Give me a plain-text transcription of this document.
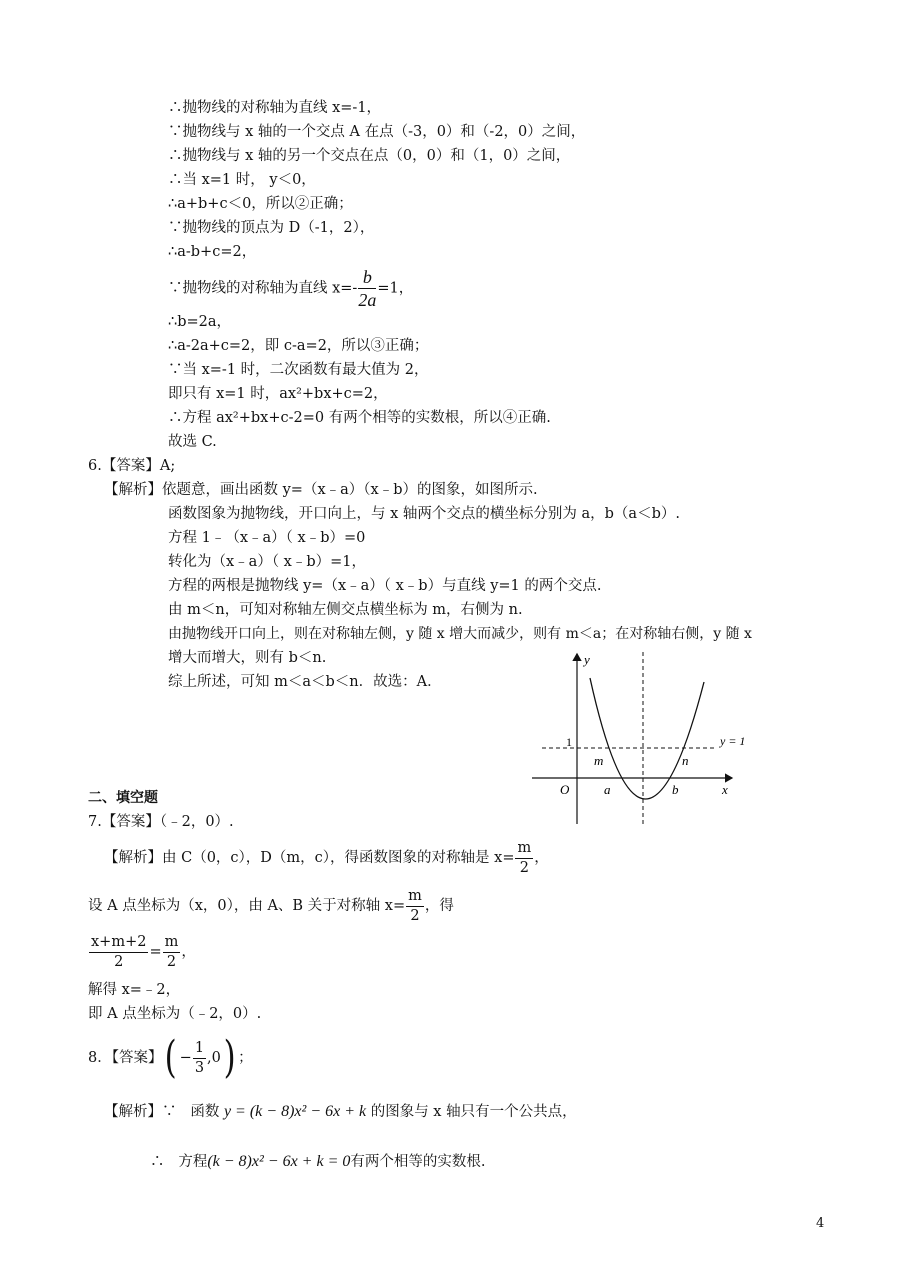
∴抛物线的对称轴为直线 x=-1，
∵抛物线与 x 轴的一个交点 A 在点（-3，0）和（-2，0）之间，
∴抛物线与 x 轴的另一个交点在点（0，0）和（1，0）之间，
∴当 x=1 时， y＜0，
∴a+b+c＜0，所以②正确；
∵抛物线的顶点为 D（-1，2），
∴a-b+c=2，
∵抛物线的对称轴为直线 $x=- \frac{b}{2a} =1$，
∴b=2a，
∴a-2a+c=2，即 c-a=2，所以③正确；
∵当 x=-1 时，二次函数有最大值为 2，
即只有 x=1 时，ax²+bx+c=2，
∴方程 ax²+bx+c-2=0 有两个相等的实数根，所以④正确.
故选 C.
6.【答案】A;
【解析】依题意，画出函数 y=（x﹣a）（x﹣b）的图象，如图所示.
函数图象为抛物线，开口向上，与 x 轴两个交点的横坐标分别为 a，b（a＜b）.
方程 1﹣（x﹣a）（ x﹣b）=0
转化为（x﹣a）（ x﹣b）=1，
方程的两根是抛物线 y=（x﹣a）（ x﹣b）与直线 y=1 的两个交点.
由 m＜n，可知对称轴左侧交点横坐标为 m，右侧为 n.
由抛物线开口向上，则在对称轴左侧，y 随 x 增大而减少，则有 m＜a；在对称轴右侧，y 随 x
增大而增大，则有 b＜n.
综上所述，可知 m＜a＜b＜n．故选：A．
y
x
O
1	y = 1
m	n
a	b
二、填空题
7.【答案】（﹣2，0）.
【解析】由 C（0，c），D（m，c），得函数图象的对称轴是 $x= \frac{m}{2}$ ，
设 A 点坐标为（x，0），由 A、B 关于对称轴 $x= \frac{m}{2}$ ，得
$\frac{x+m+2}{2} = \frac{m}{2}$ ，
解得 x=﹣2，
即 A 点坐标为（﹣2，0）.
8．【答案】( − $\frac{1}{3} ,0$) ；
【解析】∵ 函数 y = (k − 8)x² − 6x + k 的图象与 x 轴只有一个公共点，
∴ 方程(k − 8)x² − 6x + k = 0有两个相等的实数根.
4
